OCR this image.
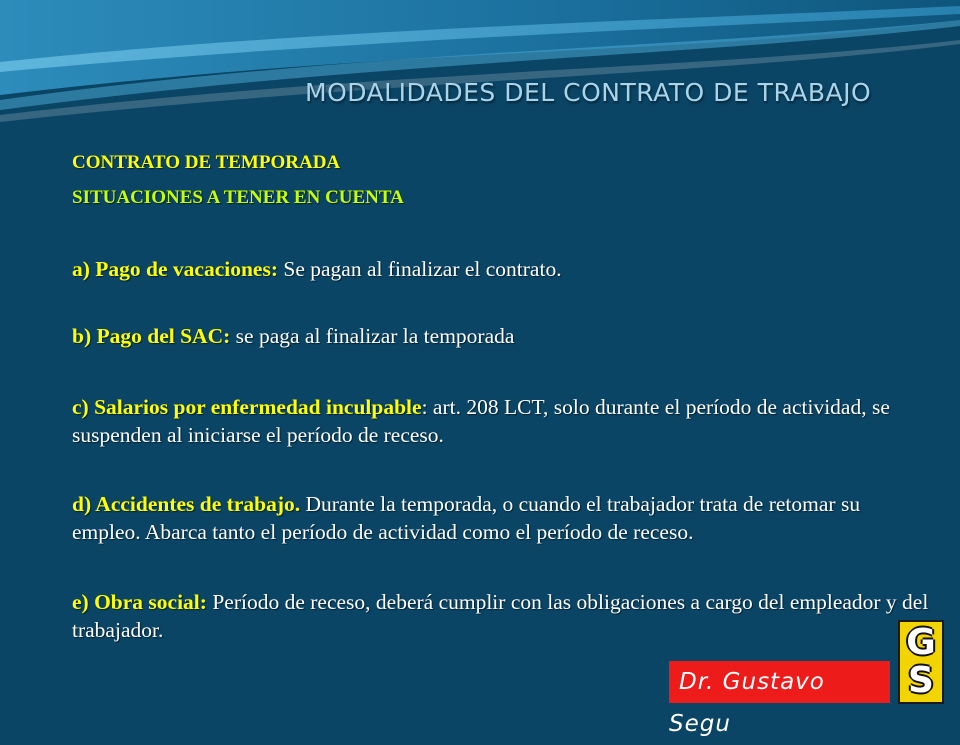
MODALIDADES DEL CONTRATO DE TRABAJO
CONTRATO DE TEMPORADA
SITUACIONES A TENER EN CUENTA
a) Pago de vacaciones: Se pagan al finalizar el contrato.
b) Pago del SAC: se paga al finalizar la temporada
c) Salarios por enfermedad inculpable: art. 208 LCT, solo durante el período de actividad, se suspenden al iniciarse el período de receso.
d) Accidentes de trabajo. Durante la temporada, o cuando el trabajador trata de retomar su empleo. Abarca tanto el período de actividad como el período de receso.
e) Obra social: Período de receso, deberá cumplir con las obligaciones a cargo del empleador y del trabajador.
Dr. Gustavo Segu
G
S
